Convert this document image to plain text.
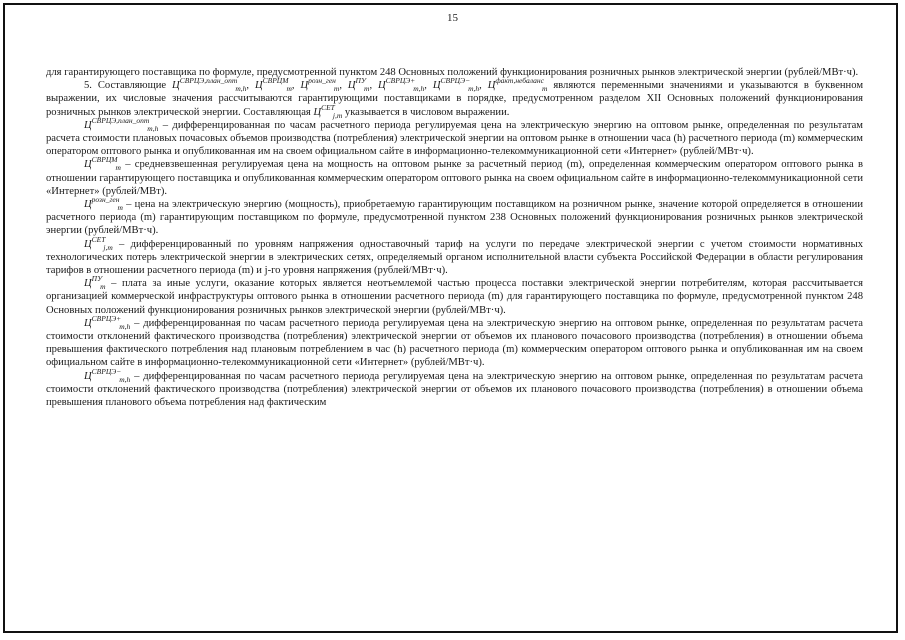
15

для гарантирующего поставщика по формуле, предусмотренной пунктом 248 Основных положений функционирования розничных рынков электрической энергии (рублей/МВт·ч).

5. Составляющие $Ц^{СВРЦЭ,план\_опт}_{m,h}$, $Ц^{СВРЦМ}_m$, $Ц^{розн\_ген}_m$, $Ц^{ПУ}_m$, $Ц^{СВРЦЭ+}_{m,h}$, $Ц^{СВРЦЭ-}_{m,h}$, $Ц^{факт,небаланс}_m$ являются переменными значениями и указываются в буквенном выражении, их числовые значения рассчитываются гарантирующими поставщиками в порядке, предусмотренном разделом XII Основных положений функционирования розничных рынков электрической энергии. Составляющая $Ц^{СЕТ}_{j,m}$ указывается в числовом выражении.

$Ц^{СВРЦЭ,план\_опт}_{m,h}$ – дифференцированная по часам расчетного периода регулируемая цена на электрическую энергию на оптовом рынке, определенная по результатам расчета стоимости плановых почасовых объемов производства (потребления) электрической энергии на оптовом рынке в отношении часа (h) расчетного периода (m) коммерческим оператором оптового рынка и опубликованная им на своем официальном сайте в информационно-телекоммуникационной сети «Интернет» (рублей/МВт·ч).

$Ц^{СВРЦМ}_m$ – средневзвешенная регулируемая цена на мощность на оптовом рынке за расчетный период (m), определенная коммерческим оператором оптового рынка в отношении гарантирующего поставщика и опубликованная коммерческим оператором оптового рынка на своем официальном сайте в информационно-телекоммуникационной сети «Интернет» (рублей/МВт).

$Ц^{розн\_ген}_m$ – цена на электрическую энергию (мощность), приобретаемую гарантирующим поставщиком на розничном рынке, значение которой определяется в отношении расчетного периода (m) гарантирующим поставщиком по формуле, предусмотренной пунктом 238 Основных положений функционирования розничных рынков электрической энергии (рублей/МВт·ч).

$Ц^{СЕТ}_{j,m}$ – дифференцированный по уровням напряжения одноставочный тариф на услуги по передаче электрической энергии с учетом стоимости нормативных технологических потерь электрической энергии в электрических сетях, определяемый органом исполнительной власти субъекта Российской Федерации в области регулирования тарифов в отношении расчетного периода (m) и j-го уровня напряжения (рублей/МВт·ч).

$Ц^{ПУ}_m$ – плата за иные услуги, оказание которых является неотъемлемой частью процесса поставки электрической энергии потребителям, которая рассчитывается организацией коммерческой инфраструктуры оптового рынка в отношении расчетного периода (m) для гарантирующего поставщика по формуле, предусмотренной пунктом 248 Основных положений функционирования розничных рынков электрической энергии (рублей/МВт·ч).

$Ц^{СВРЦЭ+}_{m,h}$ – дифференцированная по часам расчетного периода регулируемая цена на электрическую энергию на оптовом рынке, определенная по результатам расчета стоимости отклонений фактического производства (потребления) электрической энергии от объемов их планового почасового производства (потребления) в отношении объема превышения фактического потребления над плановым потреблением в час (h) расчетного периода (m) коммерческим оператором оптового рынка и опубликованная им на своем официальном сайте в информационно-телекоммуникационной сети «Интернет» (рублей/МВт·ч).

$Ц^{СВРЦЭ-}_{m,h}$ – дифференцированная по часам расчетного периода регулируемая цена на электрическую энергию на оптовом рынке, определенная по результатам расчета стоимости отклонений фактического производства (потребления) электрической энергии от объемов их планового почасового производства (потребления) в отношении объема превышения планового объема потребления над фактическим
